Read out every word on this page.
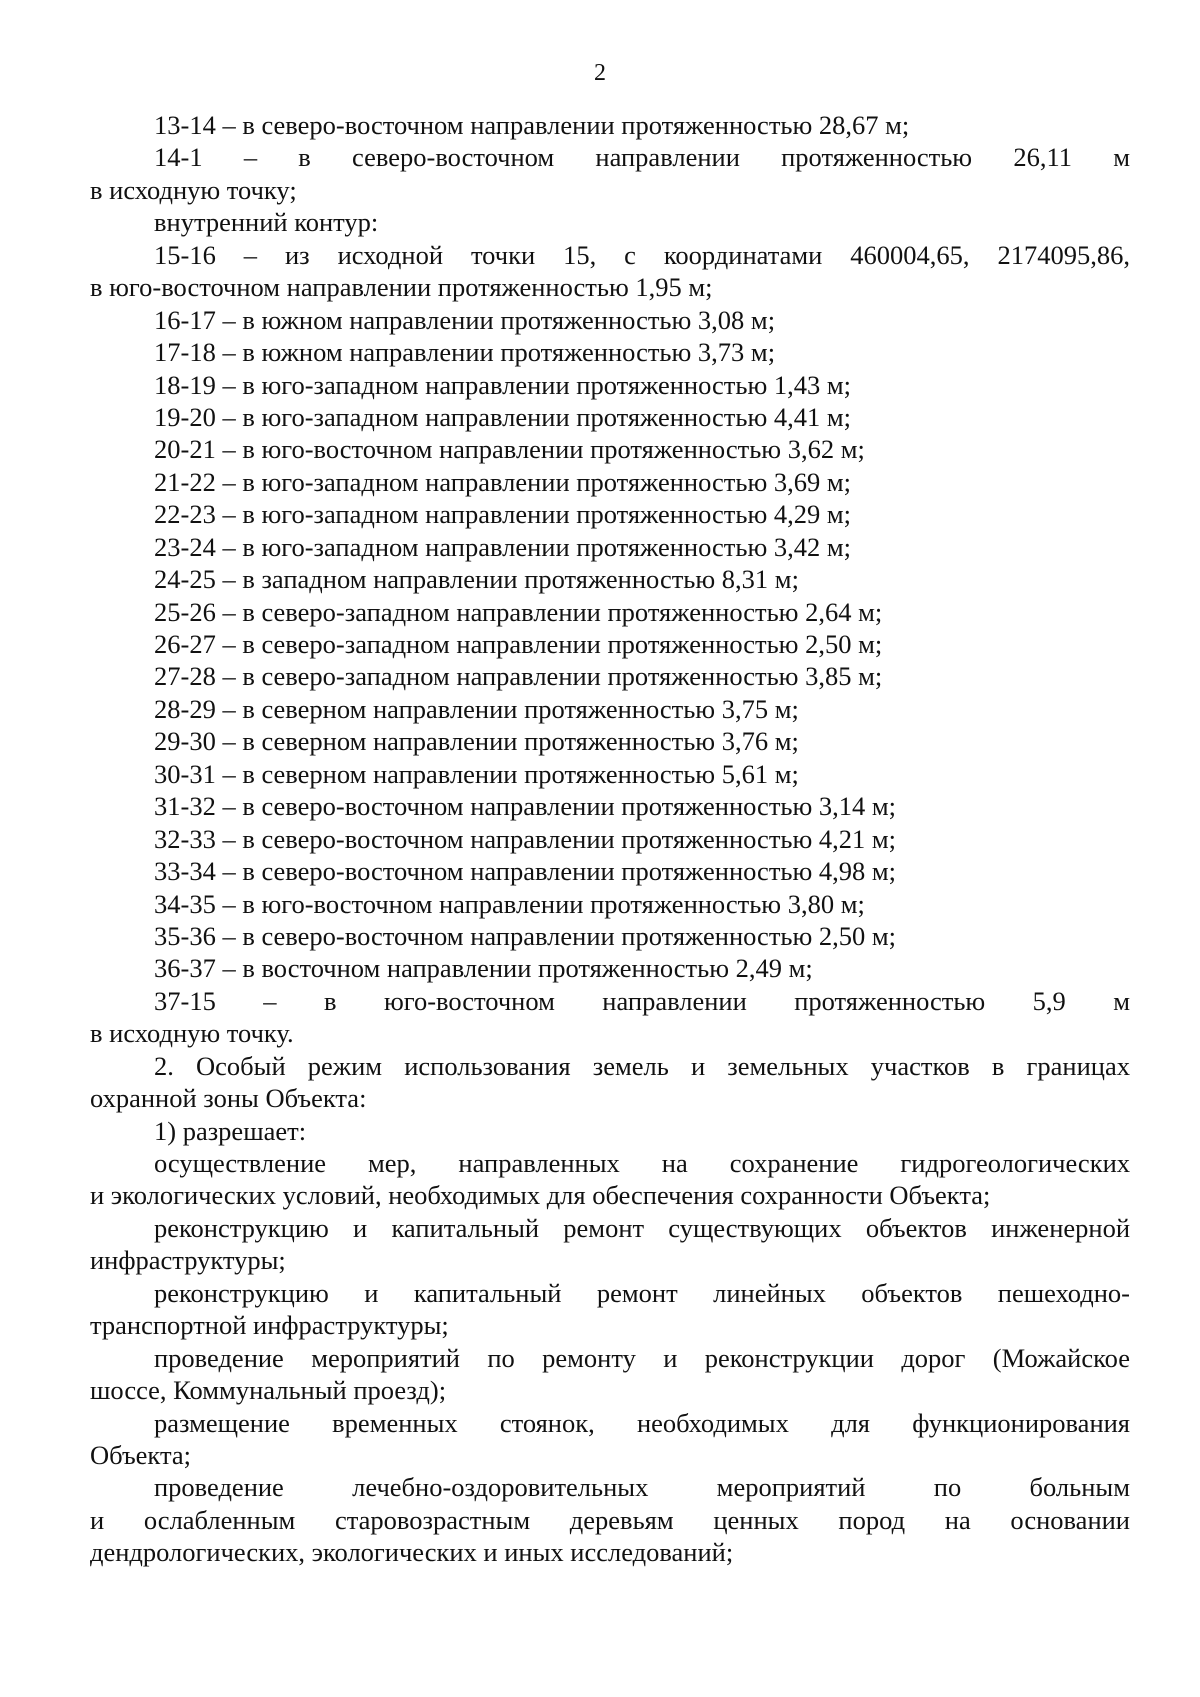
2
13-14 – в северо-восточном направлении протяженностью 28,67 м;
14-1 – в северо-восточном направлении протяженностью 26,11 м
в исходную точку;
внутренний контур:
15-16 – из исходной точки 15, с координатами 460004,65, 2174095,86,
в юго-восточном направлении протяженностью 1,95 м;
16-17 – в южном направлении протяженностью 3,08 м;
17-18 – в южном направлении протяженностью 3,73 м;
18-19 – в юго-западном направлении протяженностью 1,43 м;
19-20 – в юго-западном направлении протяженностью 4,41 м;
20-21 – в юго-восточном направлении протяженностью 3,62 м;
21-22 – в юго-западном направлении протяженностью 3,69 м;
22-23 – в юго-западном направлении протяженностью 4,29 м;
23-24 – в юго-западном направлении протяженностью 3,42 м;
24-25 – в западном направлении протяженностью 8,31 м;
25-26 – в северо-западном направлении протяженностью 2,64 м;
26-27 – в северо-западном направлении протяженностью 2,50 м;
27-28 – в северо-западном направлении протяженностью 3,85 м;
28-29 – в северном направлении протяженностью 3,75 м;
29-30 – в северном направлении протяженностью 3,76 м;
30-31 – в северном направлении протяженностью 5,61 м;
31-32 – в северо-восточном направлении протяженностью 3,14 м;
32-33 – в северо-восточном направлении протяженностью 4,21 м;
33-34 – в северо-восточном направлении протяженностью 4,98 м;
34-35 – в юго-восточном направлении протяженностью 3,80 м;
35-36 – в северо-восточном направлении протяженностью 2,50 м;
36-37 – в восточном направлении протяженностью 2,49 м;
37-15 – в юго-восточном направлении протяженностью 5,9 м
в исходную точку.
2. Особый режим использования земель и земельных участков в границах
охранной зоны Объекта:
1) разрешает:
осуществление мер, направленных на сохранение гидрогеологических
и экологических условий, необходимых для обеспечения сохранности Объекта;
реконструкцию и капитальный ремонт существующих объектов инженерной
инфраструктуры;
реконструкцию и капитальный ремонт линейных объектов пешеходно-
транспортной инфраструктуры;
проведение мероприятий по ремонту и реконструкции дорог (Можайское
шоссе, Коммунальный проезд);
размещение временных стоянок, необходимых для функционирования
Объекта;
проведение лечебно-оздоровительных мероприятий по больным
и ослабленным старовозрастным деревьям ценных пород на основании
дендрологических, экологических и иных исследований;
